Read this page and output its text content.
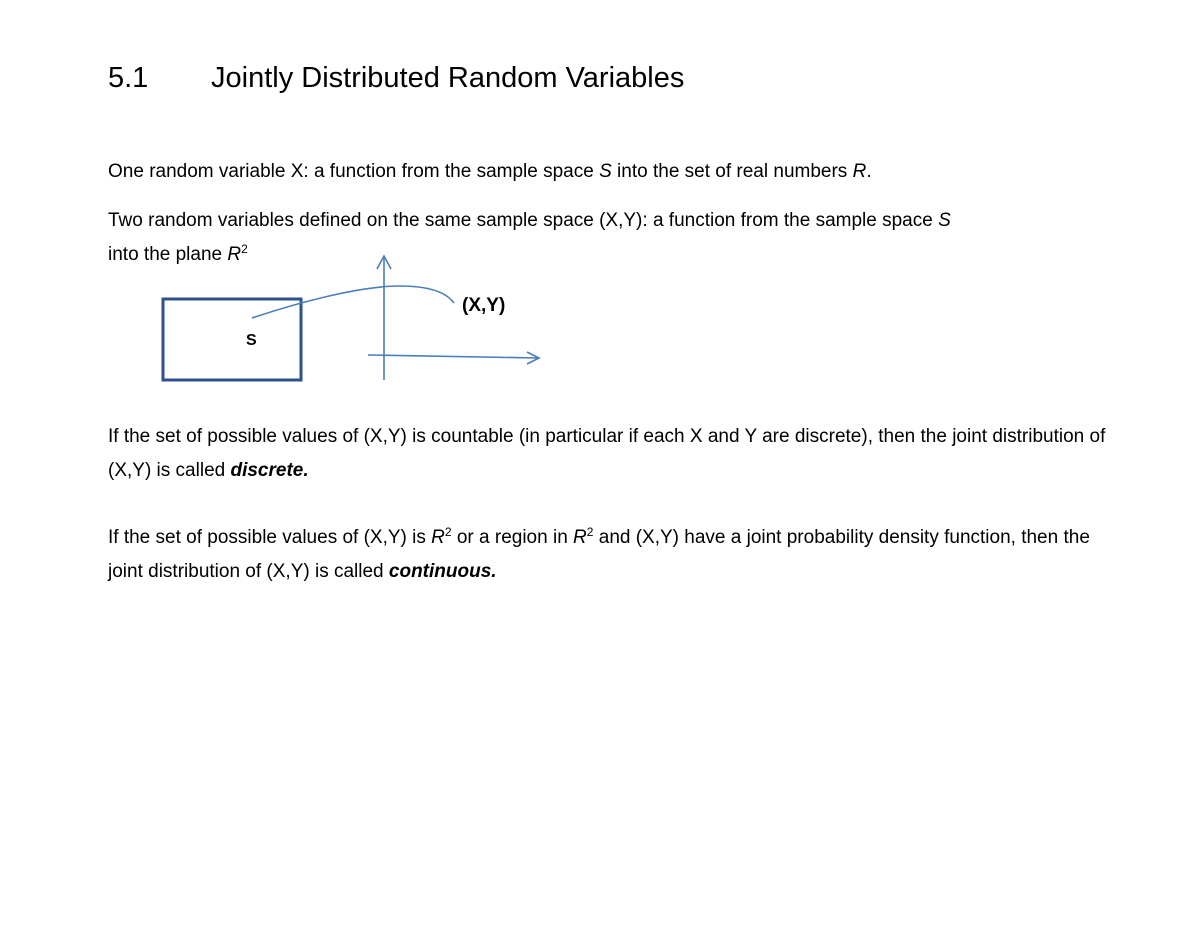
5.1 Jointly Distributed Random Variables

One random variable X: a function from the sample space S into the set of real numbers R.

Two random variables defined on the same sample space (X,Y): a function from the sample space S
into the plane $R^2$

S
(X,Y)

If the set of possible values of (X,Y) is countable (in particular if each X and Y are discrete), then the joint distribution of (X,Y) is called discrete.

If the set of possible values of (X,Y) is $R^2$ or a region in $R^2$ and (X,Y) have a joint probability density function, then the joint distribution of (X,Y) is called continuous.
